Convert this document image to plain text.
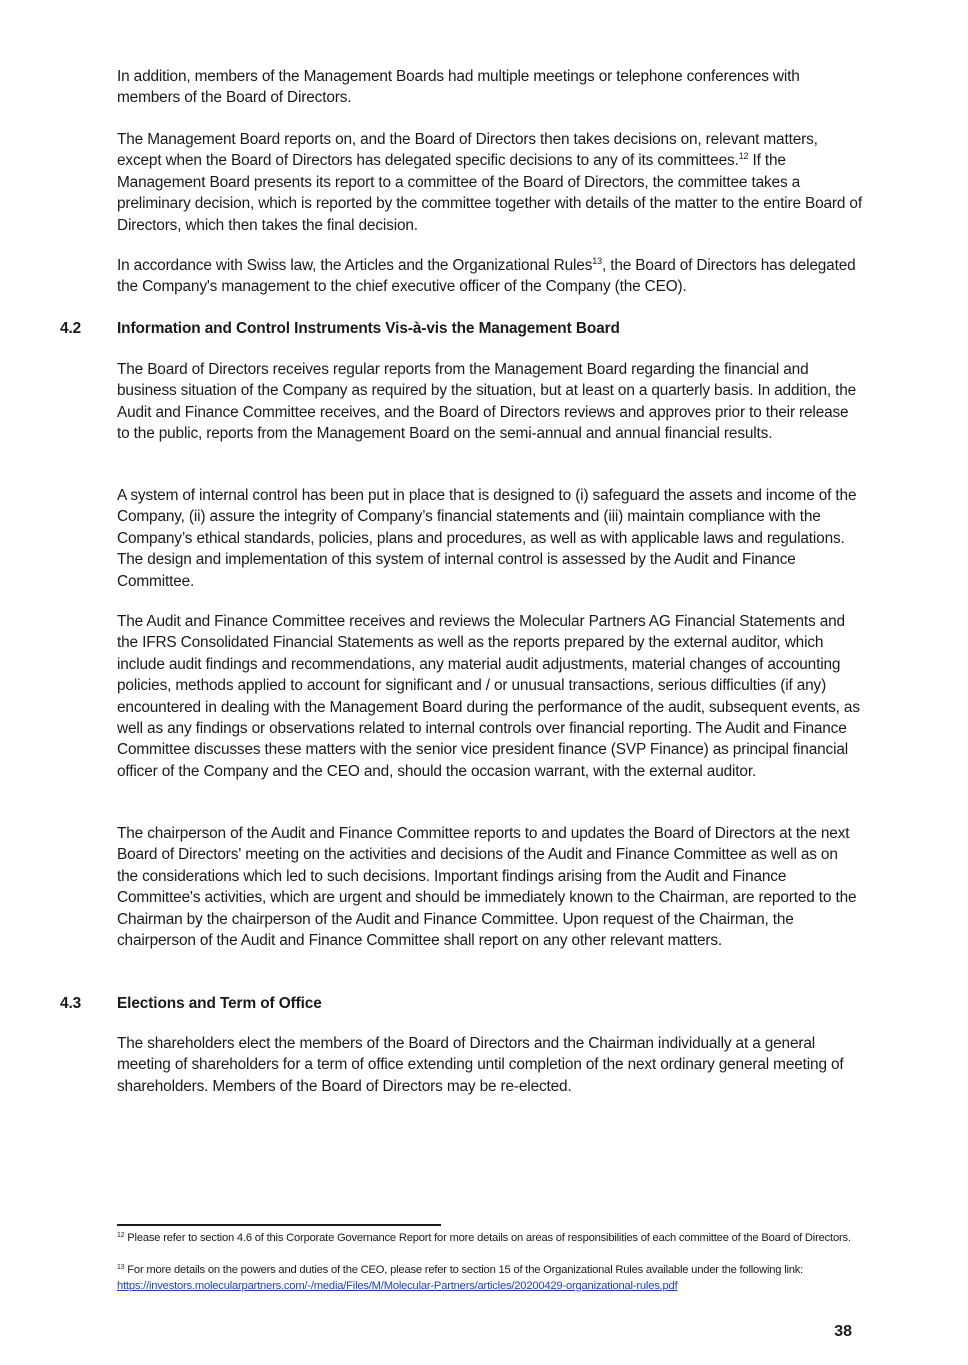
In addition, members of the Management Boards had multiple meetings or telephone conferences with members of the Board of Directors.

The Management Board reports on, and the Board of Directors then takes decisions on, relevant matters, except when the Board of Directors has delegated specific decisions to any of its committees.$^{12}$ If the Management Board presents its report to a committee of the Board of Directors, the committee takes a preliminary decision, which is reported by the committee together with details of the matter to the entire Board of Directors, which then takes the final decision.

In accordance with Swiss law, the Articles and the Organizational Rules$^{13}$, the Board of Directors has delegated the Company's management to the chief executive officer of the Company (the CEO).

4.2 Information and Control Instruments Vis-à-vis the Management Board

The Board of Directors receives regular reports from the Management Board regarding the financial and business situation of the Company as required by the situation, but at least on a quarterly basis. In addition, the Audit and Finance Committee receives, and the Board of Directors reviews and approves prior to their release to the public, reports from the Management Board on the semi-annual and annual financial results.

A system of internal control has been put in place that is designed to (i) safeguard the assets and income of the Company, (ii) assure the integrity of Company’s financial statements and (iii) maintain compliance with the Company’s ethical standards, policies, plans and procedures, as well as with applicable laws and regulations. The design and implementation of this system of internal control is assessed by the Audit and Finance Committee.

The Audit and Finance Committee receives and reviews the Molecular Partners AG Financial Statements and the IFRS Consolidated Financial Statements as well as the reports prepared by the external auditor, which include audit findings and recommendations, any material audit adjustments, material changes of accounting policies, methods applied to account for significant and / or unusual transactions, serious difficulties (if any) encountered in dealing with the Management Board during the performance of the audit, subsequent events, as well as any findings or observations related to internal controls over financial reporting. The Audit and Finance Committee discusses these matters with the senior vice president finance (SVP Finance) as principal financial officer of the Company and the CEO and, should the occasion warrant, with the external auditor.

The chairperson of the Audit and Finance Committee reports to and updates the Board of Directors at the next Board of Directors' meeting on the activities and decisions of the Audit and Finance Committee as well as on the considerations which led to such decisions. Important findings arising from the Audit and Finance Committee's activities, which are urgent and should be immediately known to the Chairman, are reported to the Chairman by the chairperson of the Audit and Finance Committee. Upon request of the Chairman, the chairperson of the Audit and Finance Committee shall report on any other relevant matters.

4.3 Elections and Term of Office

The shareholders elect the members of the Board of Directors and the Chairman individually at a general meeting of shareholders for a term of office extending until completion of the next ordinary general meeting of shareholders. Members of the Board of Directors may be re-elected.

$^{12}$ Please refer to section 4.6 of this Corporate Governance Report for more details on areas of responsibilities of each committee of the Board of Directors.

$^{13}$ For more details on the powers and duties of the CEO, please refer to section 15 of the Organizational Rules available under the following link: https://investors.molecularpartners.com/-/media/Files/M/Molecular-Partners/articles/20200429-organizational-rules.pdf

38
